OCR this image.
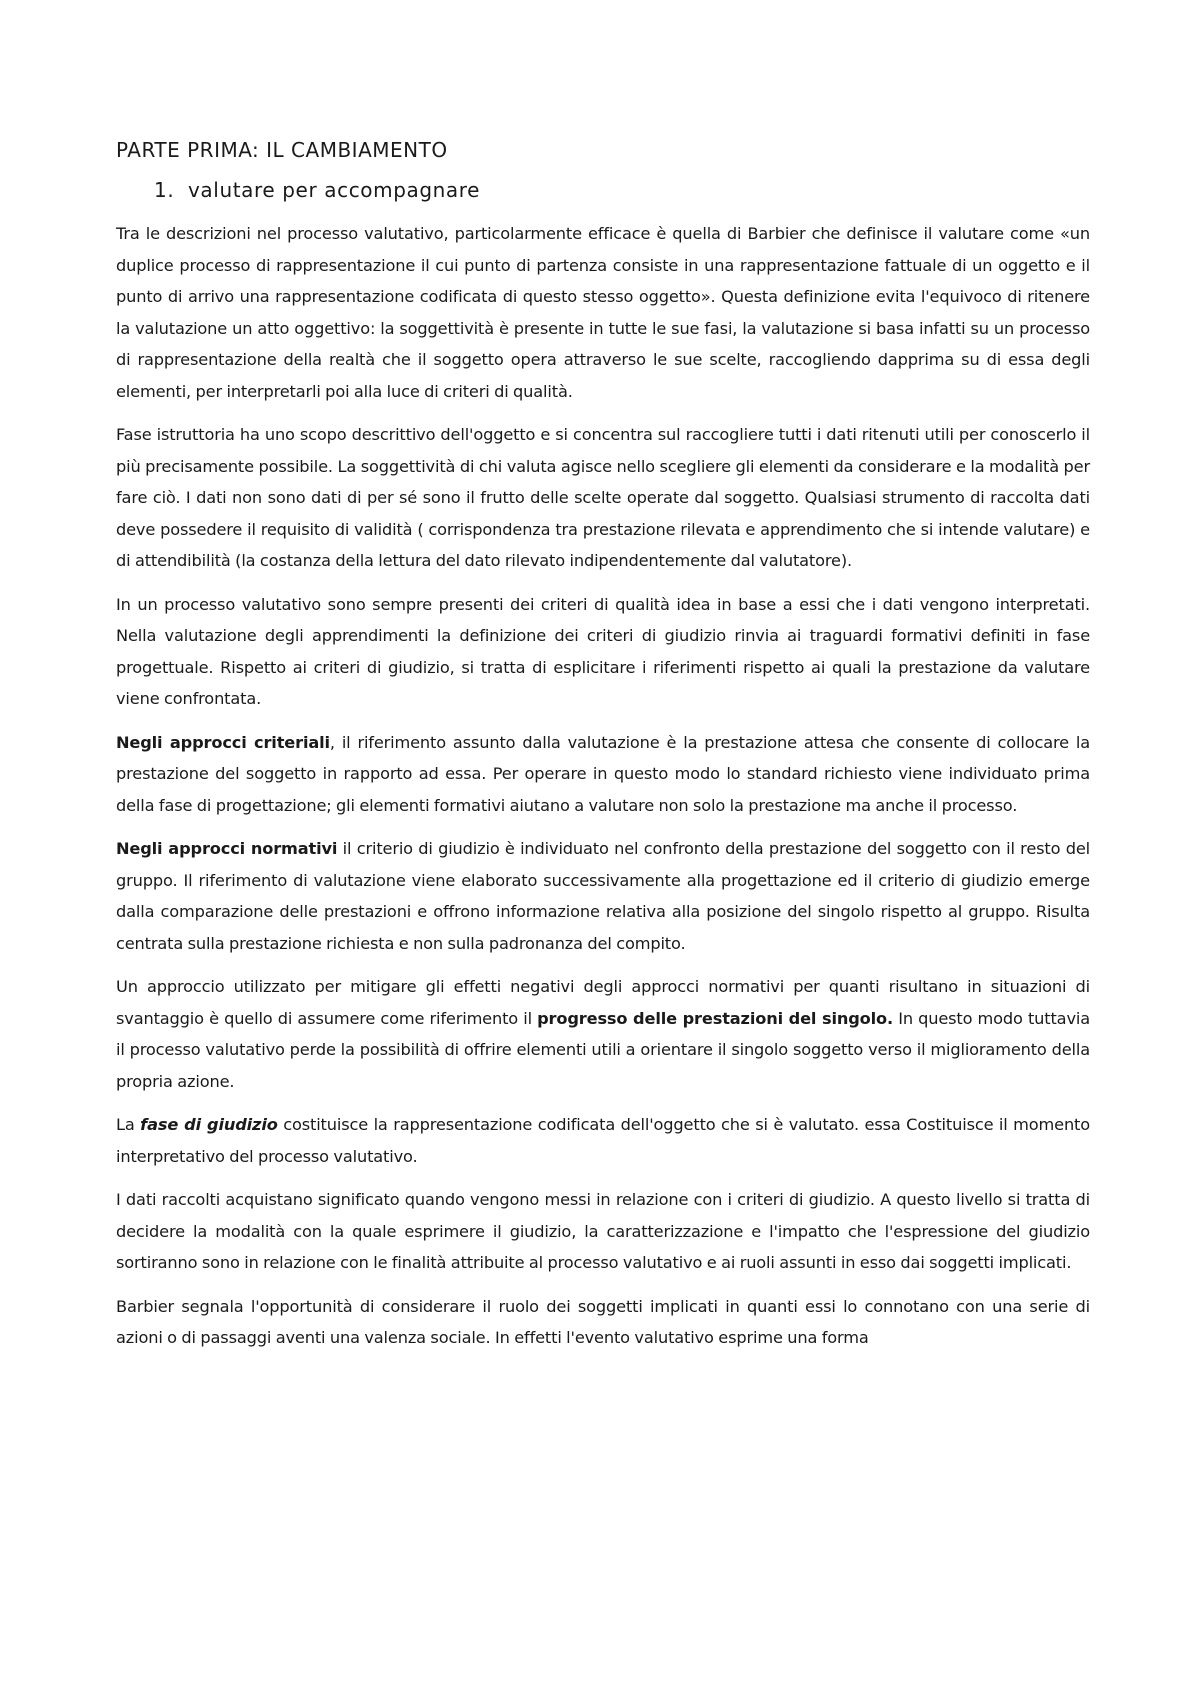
PARTE PRIMA: IL CAMBIAMENTO
1. valutare per accompagnare

Tra le descrizioni nel processo valutativo, particolarmente efficace è quella di Barbier che definisce il valutare come «un duplice processo di rappresentazione il cui punto di partenza consiste in una rappresentazione fattuale di un oggetto e il punto di arrivo una rappresentazione codificata di questo stesso oggetto». Questa definizione evita l'equivoco di ritenere la valutazione un atto oggettivo: la soggettività è presente in tutte le sue fasi, la valutazione si basa infatti su un processo di rappresentazione della realtà che il soggetto opera attraverso le sue scelte, raccogliendo dapprima su di essa degli elementi, per interpretarli poi alla luce di criteri di qualità.

Fase istruttoria ha uno scopo descrittivo dell'oggetto e si concentra sul raccogliere tutti i dati ritenuti utili per conoscerlo il più precisamente possibile. La soggettività di chi valuta agisce nello scegliere gli elementi da considerare e la modalità per fare ciò. I dati non sono dati di per sé sono il frutto delle scelte operate dal soggetto. Qualsiasi strumento di raccolta dati deve possedere il requisito di validità ( corrispondenza tra prestazione rilevata e apprendimento che si intende valutare) e di attendibilità (la costanza della lettura del dato rilevato indipendentemente dal valutatore).

In un processo valutativo sono sempre presenti dei criteri di qualità idea in base a essi che i dati vengono interpretati. Nella valutazione degli apprendimenti la definizione dei criteri di giudizio rinvia ai traguardi formativi definiti in fase progettuale. Rispetto ai criteri di giudizio, si tratta di esplicitare i riferimenti rispetto ai quali la prestazione da valutare viene confrontata.

Negli approcci criteriali, il riferimento assunto dalla valutazione è la prestazione attesa che consente di collocare la prestazione del soggetto in rapporto ad essa. Per operare in questo modo lo standard richiesto viene individuato prima della fase di progettazione; gli elementi formativi aiutano a valutare non solo la prestazione ma anche il processo.

Negli approcci normativi il criterio di giudizio è individuato nel confronto della prestazione del soggetto con il resto del gruppo. Il riferimento di valutazione viene elaborato successivamente alla progettazione ed il criterio di giudizio emerge dalla comparazione delle prestazioni e offrono informazione relativa alla posizione del singolo rispetto al gruppo. Risulta centrata sulla prestazione richiesta e non sulla padronanza del compito.

Un approccio utilizzato per mitigare gli effetti negativi degli approcci normativi per quanti risultano in situazioni di svantaggio è quello di assumere come riferimento il progresso delle prestazioni del singolo. In questo modo tuttavia il processo valutativo perde la possibilità di offrire elementi utili a orientare il singolo soggetto verso il miglioramento della propria azione.

La fase di giudizio costituisce la rappresentazione codificata dell'oggetto che si è valutato. essa Costituisce il momento interpretativo del processo valutativo.

I dati raccolti acquistano significato quando vengono messi in relazione con i criteri di giudizio. A questo livello si tratta di decidere la modalità con la quale esprimere il giudizio, la caratterizzazione e l'impatto che l'espressione del giudizio sortiranno sono in relazione con le finalità attribuite al processo valutativo e ai ruoli assunti in esso dai soggetti implicati.

Barbier segnala l'opportunità di considerare il ruolo dei soggetti implicati in quanti essi lo connotano con una serie di azioni o di passaggi aventi una valenza sociale. In effetti l'evento valutativo esprime una forma
